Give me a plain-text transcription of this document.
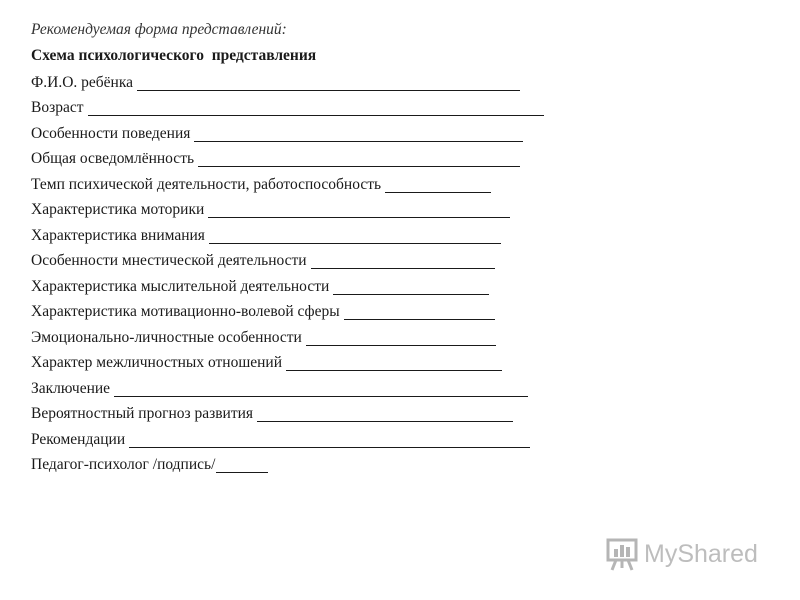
Рекомендуемая форма представлений:
Схема психологического  представления
Ф.И.О. ребёнка
Возраст
Особенности поведения
Общая осведомлённость
Темп психической деятельности, работоспособность
Характеристика моторики
Характеристика внимания
Особенности мнестической деятельности
Характеристика мыслительной деятельности
Характеристика мотивационно-волевой сферы
Эмоционально-личностные особенности
Характер межличностных отношений
Заключение
Вероятностный прогноз развития
Рекомендации
Педагог-психолог /подпись/
MyShared
